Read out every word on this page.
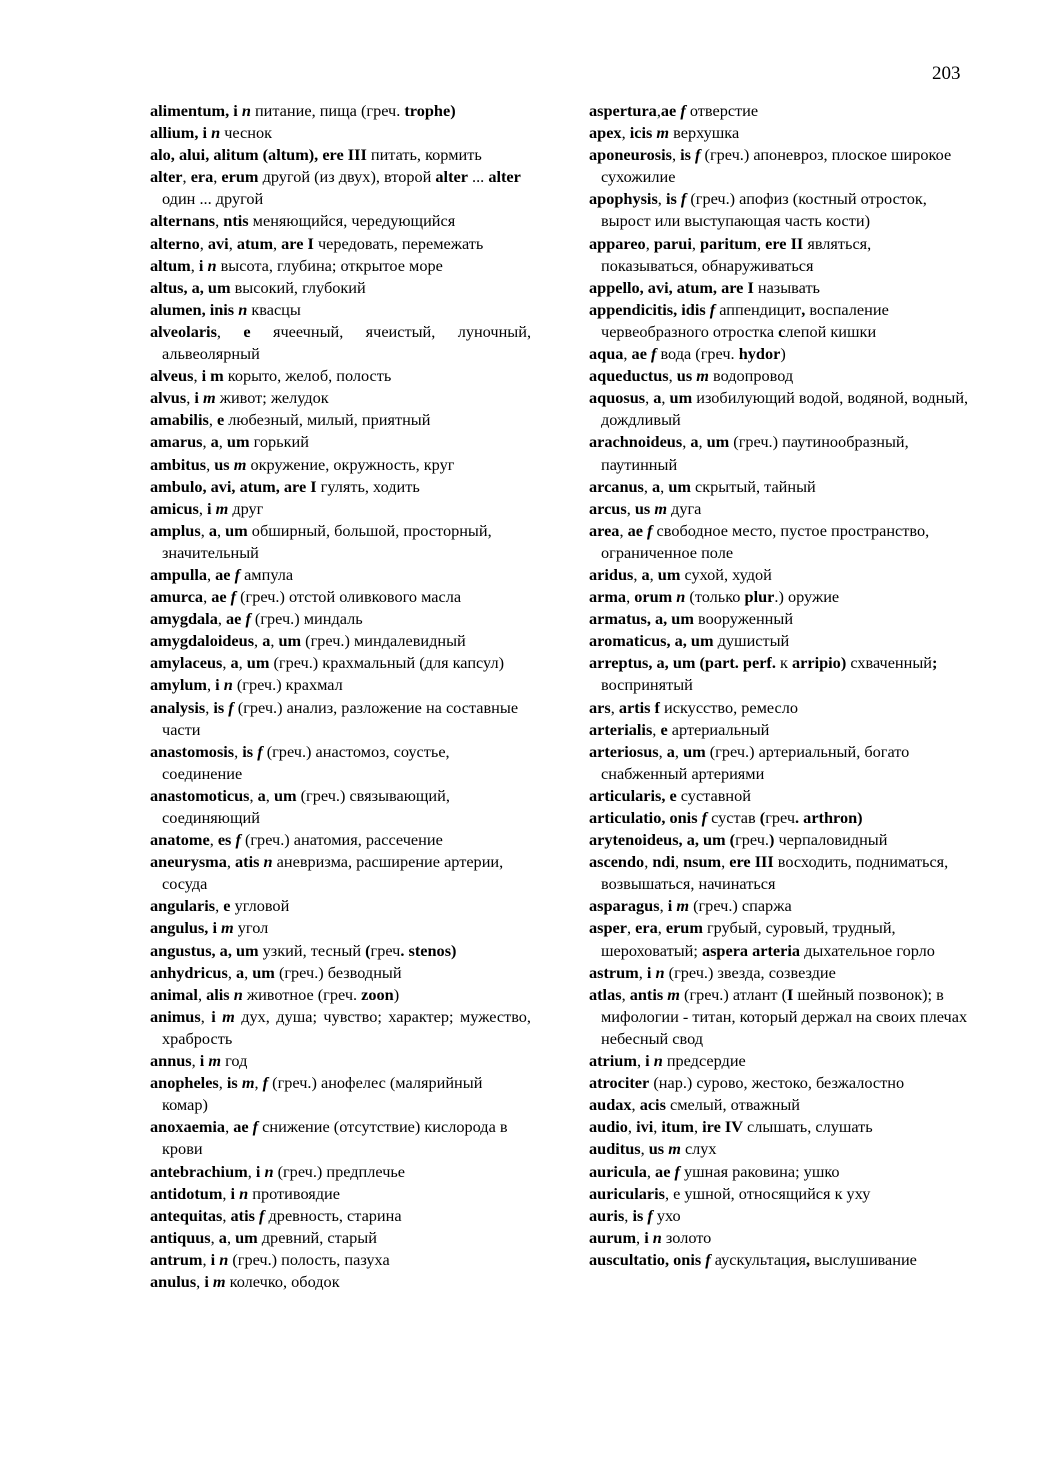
203

alimentum, i n питание, пища (греч. trophe)

allium, i n чеснок

alo, alui, alitum (altum), ere III питать, кормить

alter, era, erum другой (из двух), второй alter ... alter один ... другой

alternans, ntis меняющийся, чередующийся

alterno, avi, atum, are I чередовать, перемежать

altum, i n высота, глубина; открытое море

altus, a, um высокий, глубокий

alumen, inis n квасцы

alveolaris, e ячеечный, ячеистый, луночный, альвеолярный

alveus, i m корыто, желоб, полость

alvus, i m живот; желудок

amabilis, e любезный, милый, приятный

amarus, a, um горький

ambitus, us m окружение, окружность, круг

ambulo, avi, atum, are I гулять, ходить

amicus, i m друг

amplus, a, um обширный, большой, просторный, значительный

ampulla, ae f ампула

amurca, ae f (греч.) отстой оливкового масла

amygdala, ae f (греч.) миндаль

amygdaloideus, a, um (греч.) миндалевидный

amylaceus, a, um (греч.) крахмальный (для капсул)

amylum, i n (греч.) крахмал

analysis, is f (греч.) анализ, разложение на составные части

anastomosis, is f (греч.) анастомоз, соустье, соединение

anastomoticus, a, um (греч.) связывающий, соединяющий

anatome, es f (греч.) анатомия, рассечение

aneurysma, atis n аневризма, расширение артерии, сосуда

angularis, e угловой

angulus, i m угол

angustus, a, um узкий, тесный (греч. stenos)

anhydricus, a, um (греч.) безводный

animal, alis n животное (греч. zoon)

animus, i m дух, душа; чувство; характер; мужество, храбрость

annus, i m год

anopheles, is m, f (греч.) анофелес (малярийный комар)

anoxaemia, ae f снижение (отсутствие) кислорода в крови

antebrachium, i n (греч.) предплечье

antidotum, i n противоядие

antequitas, atis f древность, старина

antiquus, a, um древний, старый

antrum, i n (греч.) полость, пазуха

anulus, i m колечко, ободок

aspertura,ae f отверстие

apex, icis m верхушка

aponeurosis, is f (греч.) апоневроз, плоское широкое сухожилие

apophysis, is f (греч.) апофиз (костный отросток, вырост или выступающая часть кости)

appareo, parui, paritum, ere II являться, показываться, обнаруживаться

appello, avi, atum, are I называть

appendicitis, idis f аппендицит, воспаление червеобразного отростка слепой кишки

aqua, ae f вода (греч. hydor)

aqueductus, us m водопровод

aquosus, a, um изобилующий водой, водяной, водный, дождливый

arachnoideus, a, um (греч.) паутинообразный, паутинный

arcanus, a, um скрытый, тайный

arcus, us m дуга

area, ae f свободное место, пустое пространство, ограниченное поле

aridus, a, um сухой, худой

arma, orum n (только plur.) оружие

armatus, a, um вооруженный

aromaticus, a, um душистый

arreptus, a, um (part. perf. к arripio) схваченный; воспринятый

ars, artis f искусство, ремесло

arterialis, e артериальный

arteriosus, a, um (греч.) артериальный, богато снабженный артериями

articularis, e суставной

articulatio, onis f сустав (греч. arthron)

arytenoideus, a, um (греч.) черпаловидный

ascendo, ndi, nsum, ere III восходить, подниматься, возвышаться, начинаться

asparagus, i m (греч.) спаржа

asper, era, erum грубый, суровый, трудный, шероховатый; aspera arteria дыхательное горло

astrum, i n (греч.) звезда, созвездие

atlas, antis m (греч.) атлант (I шейный позвонок); в мифологии - титан, который держал на своих плечах небесный свод

atrium, i n предсердие

atrociter (нар.) сурово, жестоко, безжалостно

audax, acis смелый, отважный

audio, ivi, itum, ire IV слышать, слушать

auditus, us m слух

auricula, ae f ушная раковина; ушко

auricularis, е ушной, относящийся к уху

auris, is f ухо

aurum, i n золото

auscultatio, onis f аускультация, выслушивание
